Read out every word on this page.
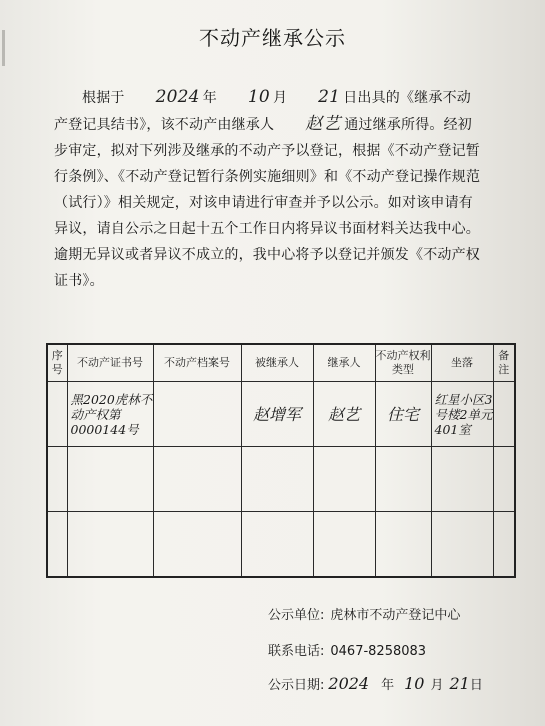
不动产继承公示
根据于 2024 年 10 月 21 日出具的《继承不动产登记具结书》，该不动产由继承人 赵艺 通过继承所得。经初步审定，拟对下列涉及继承的不动产予以登记，根据《不动产登记暂行条例》、《不动产登记暂行条例实施细则》和《不动产登记操作规范（试行）》相关规定，对该申请进行审查并予以公示。如对该申请有异议，请自公示之日起十五个工作日内将异议书面材料关达我中心。逾期无异议或者异议不成立的，我中心将予以登记并颁发《不动产权证书》。
序号	不动产证书号	不动产档案号	被继承人	继承人	不动产权利类型	坐落	备注

	黑2020虎林不动产权第0000144号		赵增军	赵艺	住宅	红星小区3号楼2单元401室	

公示单位: 虎林市不动产登记中心
联系电话: 0467-8258083
公示日期: 2024 年 10 月 21日
